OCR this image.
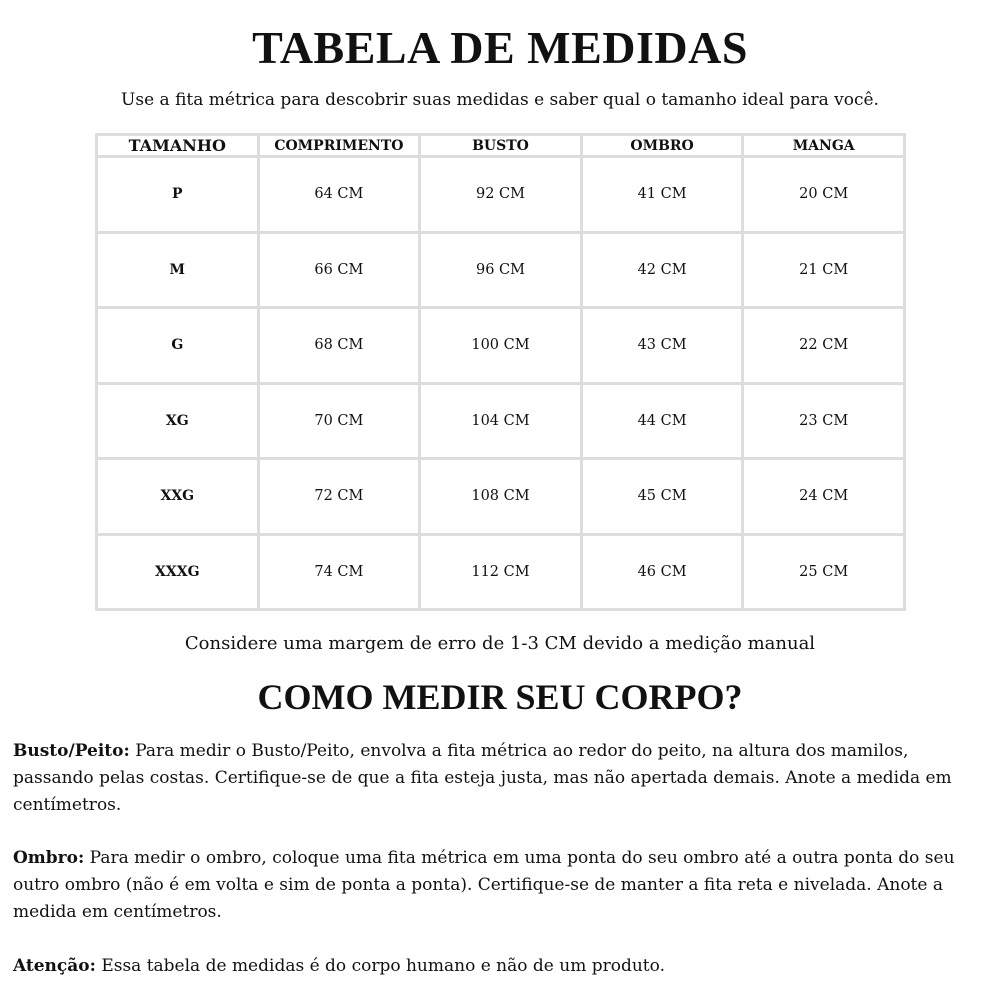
TABELA DE MEDIDAS

Use a fita métrica para descobrir suas medidas e saber qual o tamanho ideal para você.

TAMANHO	COMPRIMENTO	BUSTO	OMBRO	MANGA
P	64 CM	92 CM	41 CM	20 CM
M	66 CM	96 CM	42 CM	21 CM
G	68 CM	100 CM	43 CM	22 CM
XG	70 CM	104 CM	44 CM	23 CM
XXG	72 CM	108 CM	45 CM	24 CM
XXXG	74 CM	112 CM	46 CM	25 CM

Considere uma margem de erro de 1-3 CM devido a medição manual

COMO MEDIR SEU CORPO?

Busto/Peito: Para medir o Busto/Peito, envolva a fita métrica ao redor do peito, na altura dos mamilos, passando pelas costas. Certifique-se de que a fita esteja justa, mas não apertada demais. Anote a medida em centímetros.

Ombro: Para medir o ombro, coloque uma fita métrica em uma ponta do seu ombro até a outra ponta do seu outro ombro (não é em volta e sim de ponta a ponta). Certifique-se de manter a fita reta e nivelada. Anote a medida em centímetros.

Atenção: Essa tabela de medidas é do corpo humano e não de um produto.
